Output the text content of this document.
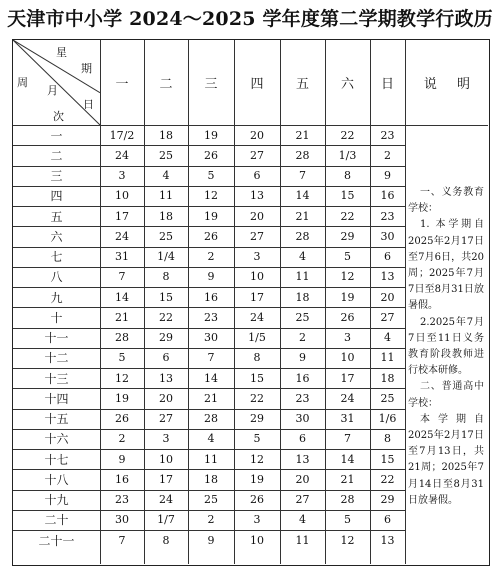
天津市中小学 2024～2025 学年度第二学期教学行政历
说 明

一、义务教育学校：

1. 本学期自2025年2月17日至7月6日，共20周；2025年7月7日至8月31日放暑假。

2.2025年7月7日至11日义务教育阶段教师进行校本研修。

二、普通高中学校：

本学期自2025年2月17日至7月13日，共21周；2025年7月14日至8月31日放暑假。

星
期
周
月
日
次
一	二	三	四	五	六	日
一	17/2	18	19	20	21	22	23
二	24	25	26	27	28	1/3	2
三	3	4	5	6	7	8	9
四	10	11	12	13	14	15	16
五	17	18	19	20	21	22	23
六	24	25	26	27	28	29	30
七	31	1/4	2	3	4	5	6
八	7	8	9	10	11	12	13
九	14	15	16	17	18	19	20
十	21	22	23	24	25	26	27
十一	28	29	30	1/5	2	3	4
十二	5	6	7	8	9	10	11
十三	12	13	14	15	16	17	18
十四	19	20	21	22	23	24	25
十五	26	27	28	29	30	31	1/6
十六	2	3	4	5	6	7	8
十七	9	10	11	12	13	14	15
十八	16	17	18	19	20	21	22
十九	23	24	25	26	27	28	29
二十	30	1/7	2	3	4	5	6
二十一	7	8	9	10	11	12	13
